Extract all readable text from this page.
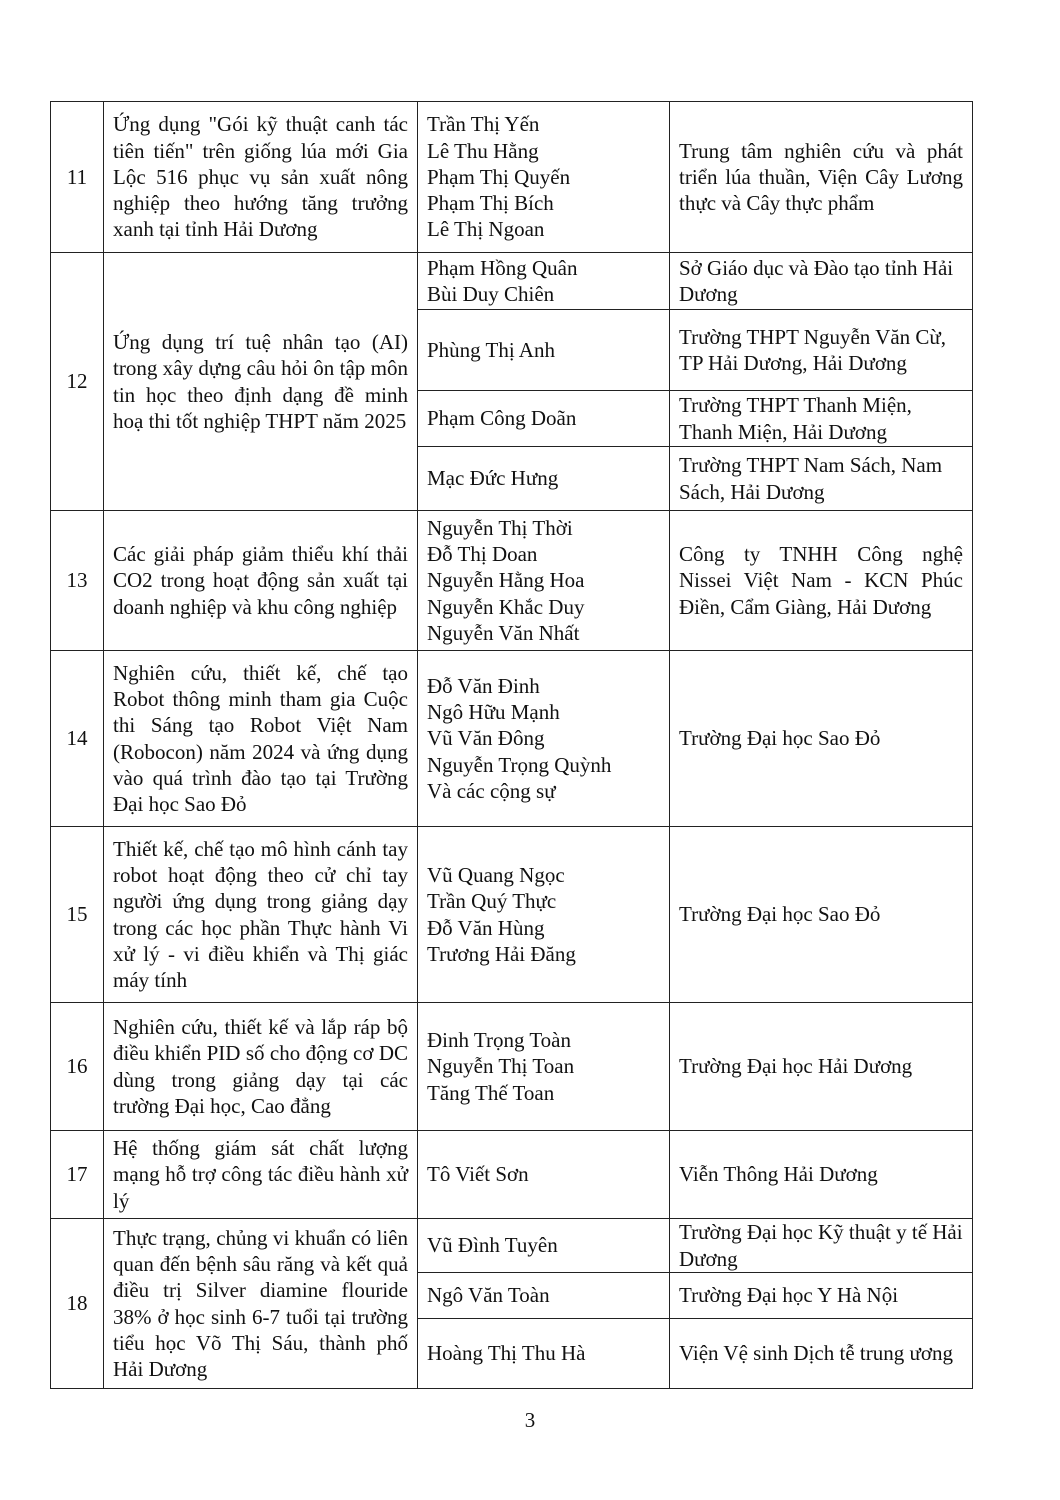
11	Ứng dụng "Gói kỹ thuật canh tác tiên tiến" trên giống lúa mới Gia Lộc 516 phục vụ sản xuất nông nghiệp theo hướng tăng trưởng xanh tại tỉnh Hải Dương	Trần Thị Yến
Lê Thu Hằng
Phạm Thị Quyến
Phạm Thị Bích
Lê Thị Ngoan	Trung tâm nghiên cứu và phát triển lúa thuần, Viện Cây Lương thực và Cây thực phẩm
12	Ứng dụng trí tuệ nhân tạo (AI) trong xây dựng câu hỏi ôn tập môn tin học theo định dạng đề minh hoạ thi tốt nghiệp THPT năm 2025	Phạm Hồng Quân
Bùi Duy Chiên	Sở Giáo dục và Đào tạo tỉnh Hải Dương

		Phùng Thị Anh	Trường THPT Nguyễn Văn Cừ, TP Hải Dương, Hải Dương

		Phạm Công Doãn	Trường THPT Thanh Miện, Thanh Miện, Hải Dương

		Mạc Đức Hưng	Trường THPT Nam Sách, Nam Sách, Hải Dương
13	Các giải pháp giảm thiểu khí thải CO2 trong hoạt động sản xuất tại doanh nghiệp và khu công nghiệp	Nguyễn Thị Thời
Đỗ Thị Doan
Nguyễn Hằng Hoa
Nguyễn Khắc Duy
Nguyễn Văn Nhất	Công ty TNHH Công nghệ Nissei Việt Nam - KCN Phúc Điền, Cẩm Giàng, Hải Dương
14	Nghiên cứu, thiết kế, chế tạo Robot thông minh tham gia Cuộc thi Sáng tạo Robot Việt Nam (Robocon) năm 2024 và ứng dụng vào quá trình đào tạo tại Trường Đại học Sao Đỏ	Đỗ Văn Đinh
Ngô Hữu Mạnh
Vũ Văn Đông
Nguyễn Trọng Quỳnh
Và các cộng sự	Trường Đại học Sao Đỏ
15	Thiết kế, chế tạo mô hình cánh tay robot hoạt động theo cử chỉ tay người ứng dụng trong giảng dạy trong các học phần Thực hành Vi xử lý - vi điều khiển và Thị giác máy tính	Vũ Quang Ngọc
Trần Quý Thực
Đỗ Văn Hùng
Trương Hải Đăng	Trường Đại học Sao Đỏ
16	Nghiên cứu, thiết kế và lắp ráp bộ điều khiển PID số cho động cơ DC dùng trong giảng dạy tại các trường Đại học, Cao đẳng	Đinh Trọng Toàn
Nguyễn Thị Toan
Tăng Thế Toan	Trường Đại học Hải Dương
17	Hệ thống giám sát chất lượng mạng hỗ trợ công tác điều hành xử lý	Tô Viết Sơn	Viễn Thông Hải Dương
18	Thực trạng, chủng vi khuẩn có liên quan đến bệnh sâu răng và kết quả điều trị Silver diamine flouride 38% ở học sinh 6-7 tuổi tại trường tiểu học Võ Thị Sáu, thành phố Hải Dương	Vũ Đình Tuyên	Trường Đại học Kỹ thuật y tế Hải Dương

		Ngô Văn Toàn	Trường Đại học Y Hà Nội

		Hoàng Thị Thu Hà	Viện Vệ sinh Dịch tễ trung ương
3
